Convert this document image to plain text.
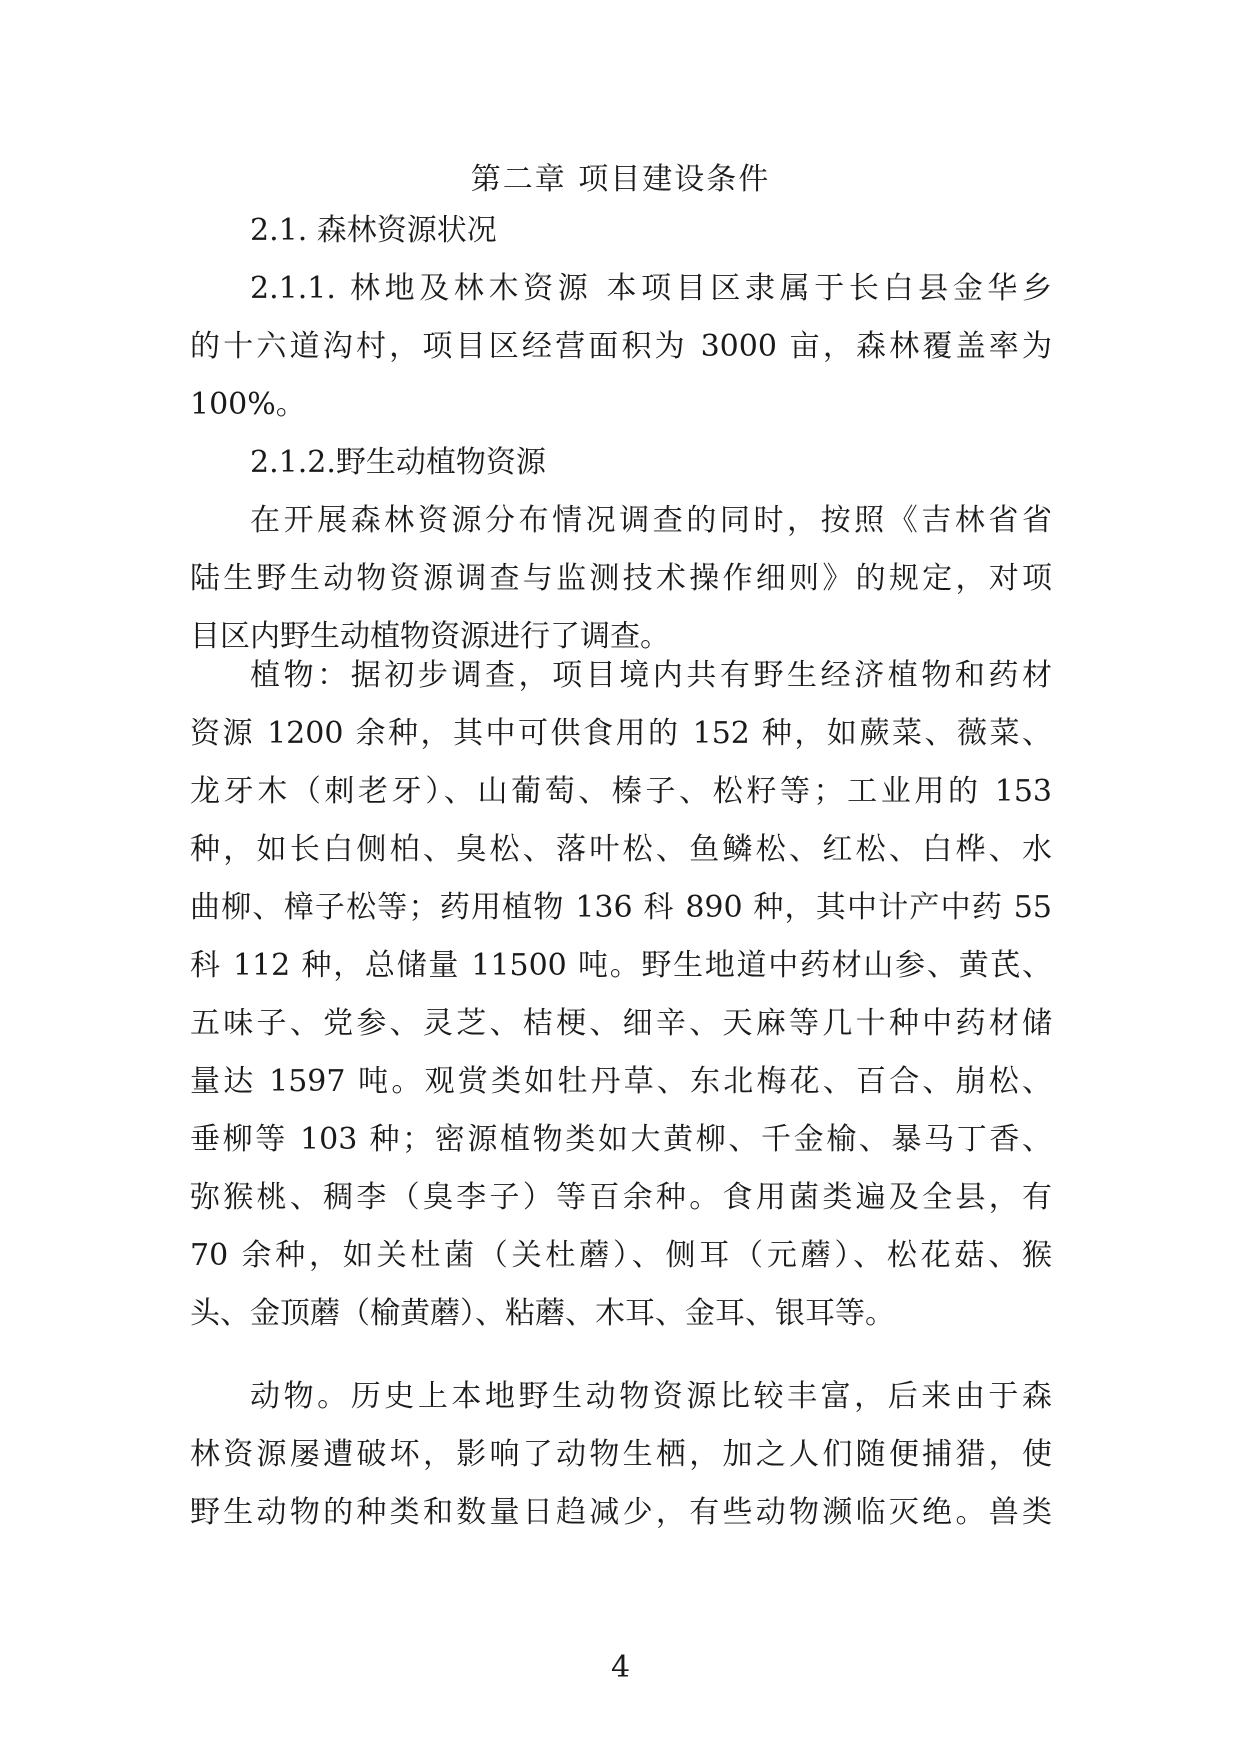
第二章 项目建设条件
2.1. 森林资源状况
2.1.1. 林地及林木资源 本项目区隶属于长白县金华乡
的十六道沟村，项目区经营面积为 3000 亩，森林覆盖率为
100%。
2.1.2.野生动植物资源
在开展森林资源分布情况调查的同时，按照《吉林省省
陆生野生动物资源调查与监测技术操作细则》的规定，对项
目区内野生动植物资源进行了调查。
植物：据初步调查，项目境内共有野生经济植物和药材
资源 1200 余种，其中可供食用的 152 种，如蕨菜、薇菜、
龙牙木（刺老牙）、山葡萄、榛子、松籽等；工业用的 153
种，如长白侧柏、臭松、落叶松、鱼鳞松、红松、白桦、水
曲柳、樟子松等；药用植物 136 科 890 种，其中计产中药 55
科 112 种，总储量 11500 吨。野生地道中药材山参、黄芪、
五味子、党参、灵芝、桔梗、细辛、天麻等几十种中药材储
量达 1597 吨。观赏类如牡丹草、东北梅花、百合、崩松、
垂柳等 103 种；密源植物类如大黄柳、千金榆、暴马丁香、
弥猴桃、稠李（臭李子）等百余种。食用菌类遍及全县，有
70 余种，如关杜菌（关杜蘑）、侧耳（元蘑）、松花菇、猴
头、金顶蘑（榆黄蘑）、粘蘑、木耳、金耳、银耳等。
动物。历史上本地野生动物资源比较丰富，后来由于森
林资源屡遭破坏，影响了动物生栖，加之人们随便捕猎，使
野生动物的种类和数量日趋减少，有些动物濒临灭绝。兽类
4
